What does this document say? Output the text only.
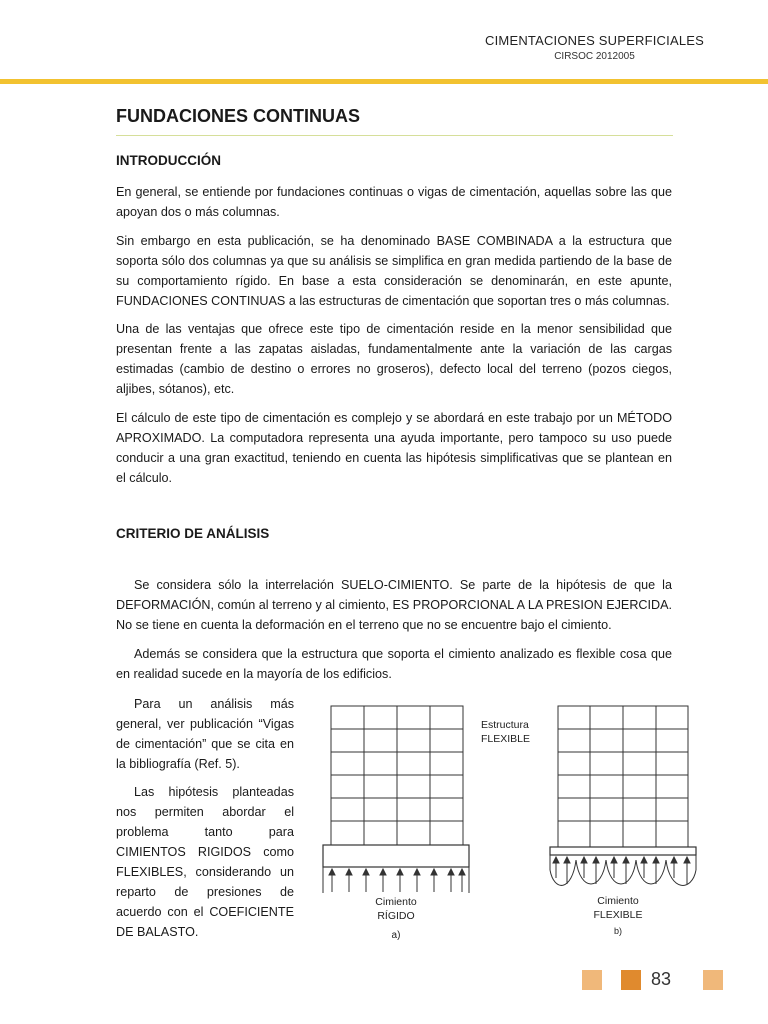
CIMENTACIONES SUPERFICIALES
CIRSOC 2012005
FUNDACIONES CONTINUAS
INTRODUCCIÓN

En general, se entiende por fundaciones continuas o vigas de cimentación, aquellas sobre las que apoyan dos o más columnas.

Sin embargo en esta publicación, se ha denominado BASE COMBINADA a la estructura que soporta sólo dos columnas ya que su análisis se simplifica en gran medida partiendo de la base de su comportamiento rígido. En base a esta consideración se denominarán, en este apunte, FUNDACIONES CONTINUAS a las estructuras de cimentación que soportan tres o más columnas.

Una de las ventajas que ofrece este tipo de cimentación reside en la menor sensibilidad que presentan frente a las zapatas aisladas, fundamentalmente ante la variación de las cargas estimadas (cambio de destino o errores no groseros), defecto local del terreno (pozos ciegos, aljibes, sótanos), etc.

El cálculo de este tipo de cimentación es complejo y se abordará en este trabajo por un MÉTODO APROXIMADO. La computadora representa una ayuda importante, pero tampoco su uso puede conducir a una gran exactitud, teniendo en cuenta las hipótesis simplificativas que se plantean en el cálculo.

CRITERIO DE ANÁLISIS

Se considera sólo la interrelación SUELO-CIMIENTO. Se parte de la hipótesis de que la DEFORMACIÓN, común al terreno y al cimiento, ES PROPORCIONAL A LA PRESION EJERCIDA. No se tiene en cuenta la deformación en el terreno que no se encuentre bajo el cimiento.

Además se considera que la estructura que soporta el cimiento analizado es flexible cosa que en realidad sucede en la mayoría de los edificios.

Para un análisis más general, ver publicación “Vigas de cimentación” que se cita en la bibliografía (Ref. 5).

Las hipótesis planteadas nos permiten abordar el problema tanto para CIMIENTOS RIGIDOS como FLEXIBLES, considerando un reparto de presiones de acuerdo con el COEFICIENTE DE BALASTO.

Cimiento
RÍGIDO
a)
Estructura
FLEXIBLE
Cimiento
FLEXIBLE
b)
83
